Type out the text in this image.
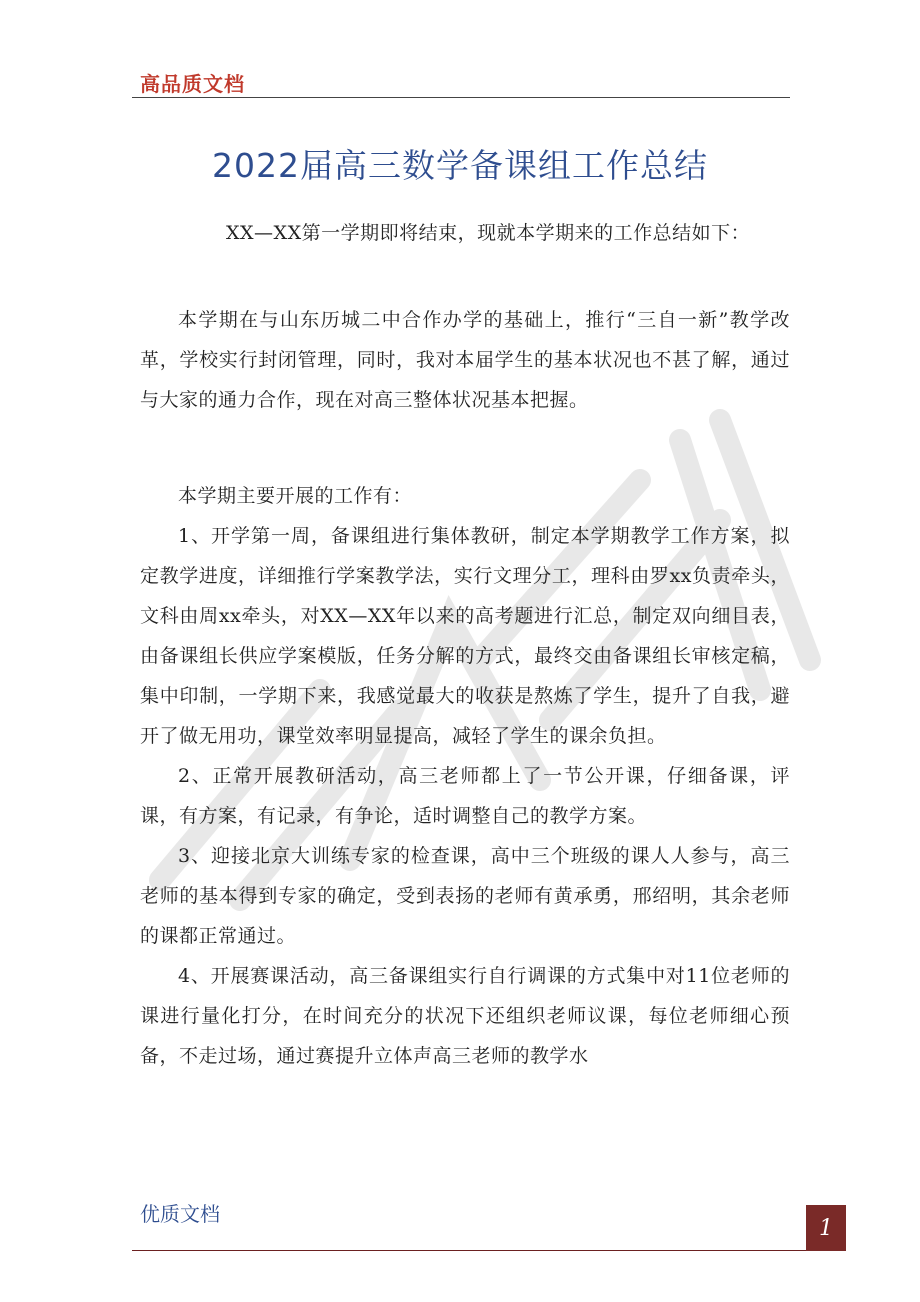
高品质文档
2022届高三数学备课组工作总结
XX—XX第一学期即将结束，现就本学期来的工作总结如下：

本学期在与山东历城二中合作办学的基础上，推行“三自一新”教学改革，学校实行封闭管理，同时，我对本届学生的基本状况也不甚了解，通过与大家的通力合作，现在对高三整体状况基本把握。

本学期主要开展的工作有：

1、开学第一周，备课组进行集体教研，制定本学期教学工作方案，拟定教学进度，详细推行学案教学法，实行文理分工，理科由罗xx负责牵头，文科由周xx牵头，对XX—XX年以来的高考题进行汇总，制定双向细目表，由备课组长供应学案模版，任务分解的方式，最终交由备课组长审核定稿，集中印制，一学期下来，我感觉最大的收获是熬炼了学生，提升了自我，避开了做无用功，课堂效率明显提高，减轻了学生的课余负担。

2、正常开展教研活动，高三老师都上了一节公开课，仔细备课，评课，有方案，有记录，有争论，适时调整自己的教学方案。

3、迎接北京大训练专家的检查课，高中三个班级的课人人参与，高三老师的基本得到专家的确定，受到表扬的老师有黄承勇，邢绍明，其余老师的课都正常通过。

4、开展赛课活动，高三备课组实行自行调课的方式集中对11位老师的课进行量化打分，在时间充分的状况下还组织老师议课，每位老师细心预备，不走过场，通过赛提升立体声高三老师的教学水

优质文档
1
